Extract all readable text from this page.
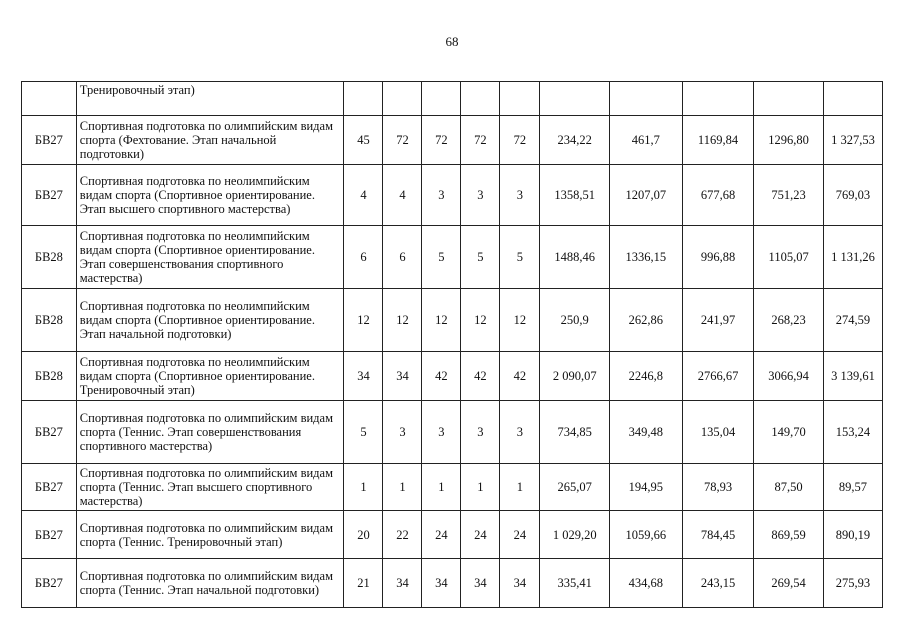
68
	Тренировочный этап)										
БВ27	Спортивная подготовка по олимпийским видам спорта (Фехтование. Этап начальной подготовки)	45	72	72	72	72	234,22	461,7	1169,84	1296,80	1 327,53
БВ27	Спортивная подготовка по неолимпийским видам спорта (Спортивное ориентирование. Этап высшего спортивного мастерства)	4	4	3	3	3	1358,51	1207,07	677,68	751,23	769,03
БВ28	Спортивная подготовка по неолимпийским видам спорта (Спортивное ориентирование. Этап совершенствования спортивного мастерства)	6	6	5	5	5	1488,46	1336,15	996,88	1105,07	1 131,26
БВ28	Спортивная подготовка по неолимпийским видам спорта (Спортивное ориентирование. Этап начальной подготовки)	12	12	12	12	12	250,9	262,86	241,97	268,23	274,59
БВ28	Спортивная подготовка по неолимпийским видам спорта (Спортивное ориентирование. Тренировочный этап)	34	34	42	42	42	2 090,07	2246,8	2766,67	3066,94	3 139,61
БВ27	Спортивная подготовка по олимпийским видам спорта (Теннис. Этап совершенствования спортивного мастерства)	5	3	3	3	3	734,85	349,48	135,04	149,70	153,24
БВ27	Спортивная подготовка по олимпийским видам спорта (Теннис. Этап высшего спортивного мастерства)	1	1	1	1	1	265,07	194,95	78,93	87,50	89,57
БВ27	Спортивная подготовка по олимпийским видам спорта (Теннис. Тренировочный этап)	20	22	24	24	24	1 029,20	1059,66	784,45	869,59	890,19
БВ27	Спортивная подготовка по олимпийским видам спорта (Теннис. Этап начальной подготовки)	21	34	34	34	34	335,41	434,68	243,15	269,54	275,93
